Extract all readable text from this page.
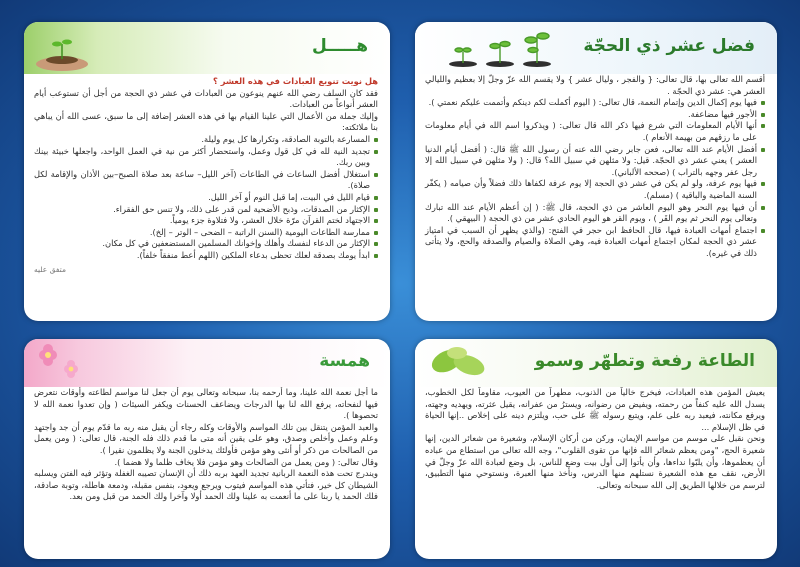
فضل عشر ذي الحجّة
أقسم الله تعالى بها، قال تعالى: { والفجر ، وليال عشر } ولا يقسم الله عزّ وجلّ إلا بعظيم والليالي العشر هي: عشر ذي الحجّة .
فيها يوم إكمال الدين وإتمام النعمة، قال تعالى: ( اليوم أكملت لكم دينكم وأتممت عليكم نعمتي ).
الأجور فيها مضاعفة.
أنها الأيام المعلومات التي شرع فيها ذكر الله قال تعالى: ( ويذكروا اسم الله في أيام معلومات على ما رزقهم من بهيمة الأنعام ).
أفضل الأيام عند الله تعالى، فعن جابر رضي الله عنه أن رسول الله ﷺ قال: ( أفضل أيام الدنيا العشر ) يعني عشر ذي الحجّة. قيل: ولا مثلهن في سبيل الله؟ قال: ( ولا مثلهن في سبيل الله إلا رجل عفر وجهه بالتراب ) (صححه الألباني).
فيها يوم عرفة، ولو لم يكن في عشر ذي الحجة إلا يوم عرفة لكفاها ذلك فضلاً وأن صيامه ( يكفّر السنة الماضية والباقية ) (مسلم).
أن فيها يوم النحر وهو اليوم العاشر من ذي الحجة، قال ﷺ: ( إن أعظم الأيام عند الله تبارك وتعالى يوم النحر ثم يوم القَر ) ، ويوم القر هو اليوم الحادي عشر من ذي الحجة ( البيهقي ).
اجتماع أمهات العبادة فيها، قال الحافظ ابن حجر في الفتح: (والذي يظهر أن السبب في امتياز عشر ذي الحجة لمكان اجتماع أمهات العبادة فيه، وهي الصلاة والصيام والصدقة والحج، ولا يتأتى ذلك في غيره).
هـــــل
هل نويت تنويع العبادات في هذه العشر ؟
فقد كان السلف رضي الله عنهم ينوعون من العبادات في عشر ذي الحجة من أجل أن تستوعب أيام العشر أنواعاً من العبادات.
وإليك جملة من الأعمال التي علينا القيام بها في هذه العشر إضافة إلى ما سبق، عسى الله أن يباهي بنا ملائكته:
المسارعة بالتوبة الصادقة، وتكرارها كل يوم وليلة.
تجديد النية لله في كل قول وعمل، واستحضار أكثر من نية في العمل الواحد، واجعلها خبيئة بينك وبين ربك.
استغلال أفضل الساعات في الطاعات (آخر الليل– ساعة بعد صلاة الصبح–بين الأذان والإقامة لكل صلاة).
قيام الليل في البيت، إما قبل النوم أو آخر الليل.
الإكثار من الصدقات، وذبح الأضحية لمن قدر على ذلك، ولا تنس حق الفقراء.
الاجتهاد لختم القرآن مرّة خلال العشر، ولا فتلاوة جزء يومياً.
ممارسة الطاعات اليومية (السنن الراتبة – الضحى – الوتر – إلخ).
الإكثار من الدعاء لنفسك وأهلك وإخوانك المسلمين المستضعفين في كل مكان.
ابدأ يومك بصدقة لعلك تحظى بدعاء الملكين (اللهم أعط منفقاً خلفاً).
متفق عليه
الطاعة رفعة وتطهّر وسمو
يعيش المؤمن هذه العبادات، فيخرج خالياً من الذنوب، مطهراً من العيوب، مقاوماً لكل الخطوب، يسدل الله عليه كنفاً من رحمته، ويفيض من رضوانه، ويسترُ من عفرانه، يقيل عثرته، ويهديه وجهته، ويرفع مكانته، فيعبد ربه على علم، ويتبع رسوله ﷺ على حب، ويلتزم دينه على إخلاص ..إنها الحياة في ظل الإسلام ...
ونحن نقبل على موسم من مواسم الإيمان، وركن من أركان الإسلام، وشعيرة من شعائر الدين، إنها شعيرة الحج، "ومن يعظم شعائر الله فإنها من تقوى القلوب"، وجه الله تعالى من استطاع من عباده أن يعظموها، وأن يلبّوا نداءها، وأن يأتوا إلى أول بيت وضع للناس، بل وضع لعبادة الله عزّ وجلّ في الأرض، نقف مع هذه الشعيرة نستلهم منها الدرس، ونأخذ منها العبرة، ونستوحي منها التطبيق، لترسم من خلالها الطريق إلى الله سبحانه وتعالى.
همسة
ما أجل نعمة الله علينا، وما أرحمه بنا، سبحانه وتعالى يوم أن جعل لنا مواسم لطاعته وأوقات نتعرض فيها لنفحاته، يرفع الله لنا بها الدرجات ويضاعف الحسنات ويكفر السيئات ( وإن تعدوا نعمة الله لا تحصوها ).
والعبد المؤمن يتنقل بين تلك المواسم والأوقات وكله رجاء أن يقبل منه ربه ما قدّم يوم أن جد واجتهد وعلم وعمل وأخلص وصدق، وهو على يقين أنه متى ما قدم ذلك فله الجنة، قال تعالى: ( ومن يعمل من الصالحات من ذكر أو أنثى وهو مؤمن فأولئك يدخلون الجنة ولا يظلمون نقيرا ).
وقال تعالى: ( ومن يعمل من الصالحات وهو مؤمن فلا يخاف ظلما ولا هضما ).
ويندرج تحت هذه النعمة الربانية تجديد العهد بربه ذلك أن الإنسان تصيبه الغفلة وتؤثر فيه الفتن ويسلبه الشيطان كل خير، فتأتي هذه المواسم فيتوب ويرجع ويعود، بنفس مقبلة، ودمعة هاطلة، وتوبة صادقة، فلك الحمد يا ربنا على ما أنعمت به علينا ولك الحمد أولا وآخرا ولك الحمد من قبل ومن بعد.
